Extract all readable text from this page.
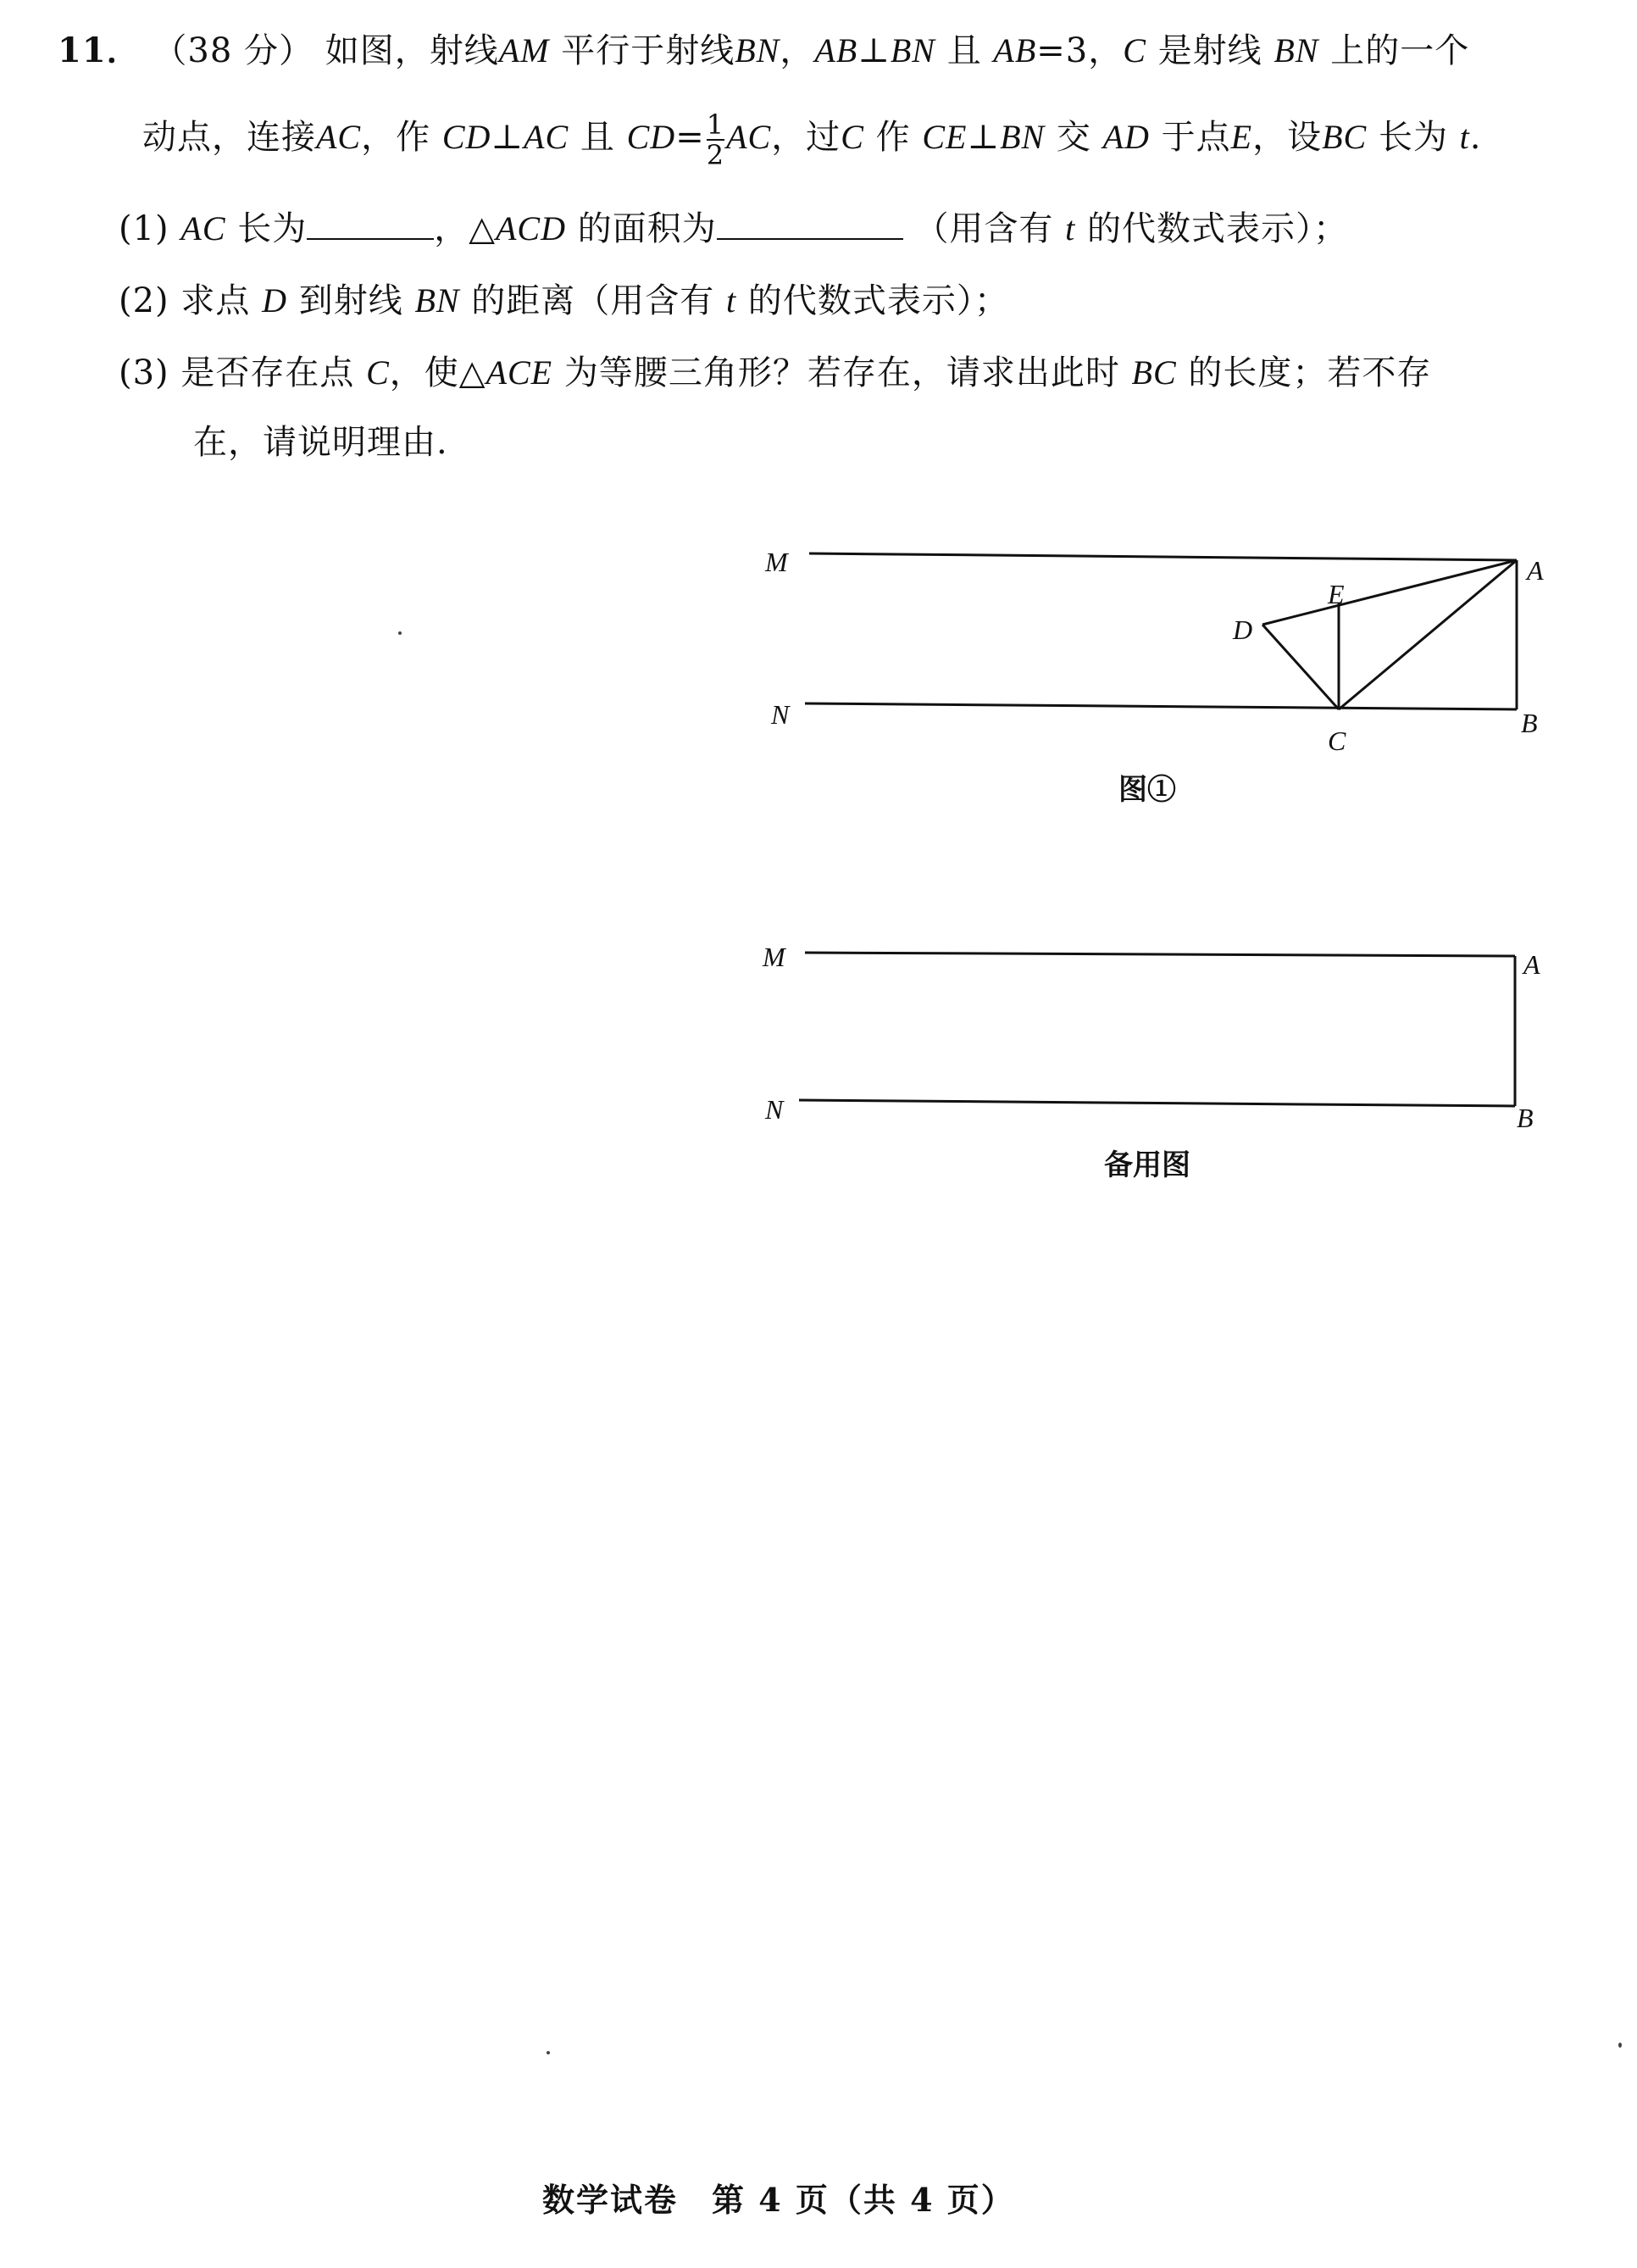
11． （38 分） 如图，射线AM 平行于射线BN，AB⊥BN 且 AB=3，C 是射线 BN 上的一个
动点，连接AC，作 CD⊥AC 且 $CD= \frac{1}{2}$ AC，过C 作 CE⊥BN 交 AD 于点E，设BC 长为 t.
(1) AC 长为	，△ACD 的面积为	（用含有 t 的代数式表示）；
(2) 求点 D 到射线 BN 的距离（用含有 t 的代数式表示）；
(3) 是否存在点 C，使△ACE 为等腰三角形？若存在，请求出此时 BC 的长度；若不存
在，请说明理由.
M	A
D
E
N
C
B
M	A
N	B
图①
备用图
数学试卷　第 4 页（共 4 页）
